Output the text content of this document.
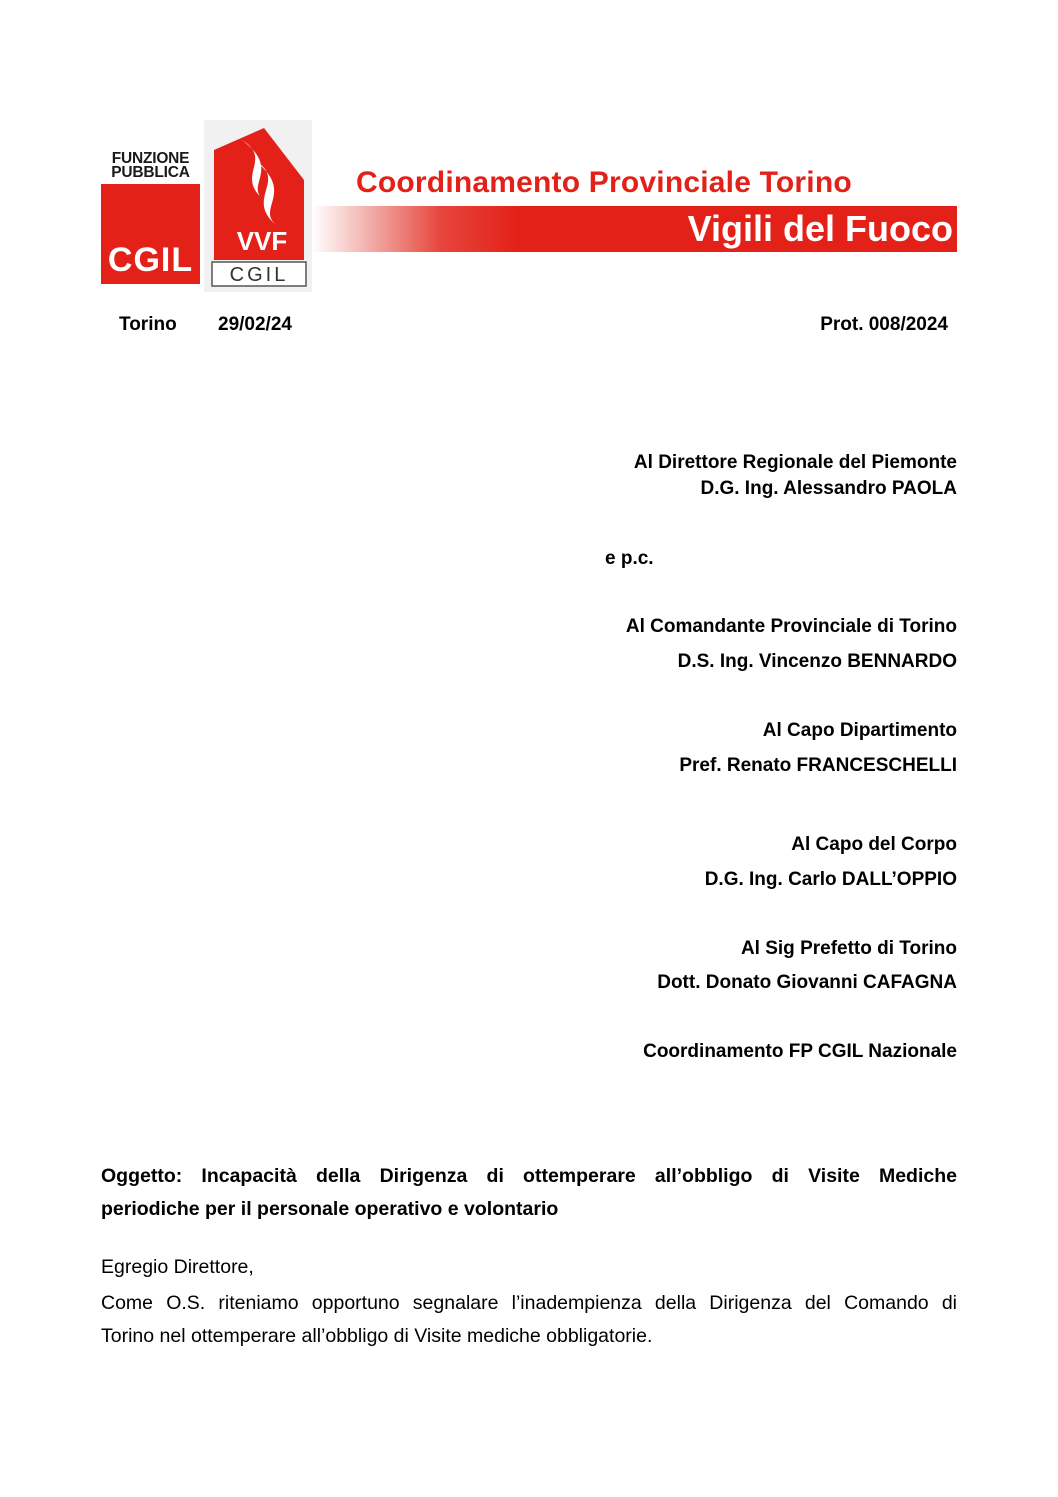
FUNZIONE
PUBBLICA
CGIL VVF
CGIL
Coordinamento Provinciale Torino
Vigili del Fuoco
Torino 29/02/24	Prot. 008/2024
Al Direttore Regionale del Piemonte
D.G. Ing. Alessandro PAOLA
e p.c.
Al Comandante Provinciale di Torino
D.S. Ing. Vincenzo BENNARDO
Al Capo Dipartimento
Pref. Renato FRANCESCHELLI
Al Capo del Corpo
D.G. Ing. Carlo DALL’OPPIO
Al Sig Prefetto di Torino
Dott. Donato Giovanni CAFAGNA
Coordinamento FP CGIL Nazionale
Oggetto: Incapacità della Dirigenza di ottemperare all’obbligo di Visite Mediche
periodiche per il personale operativo e volontario
Egregio Direttore,
Come O.S. riteniamo opportuno segnalare l’inadempienza della Dirigenza del Comando di
Torino nel ottemperare all’obbligo di Visite mediche obbligatorie.
